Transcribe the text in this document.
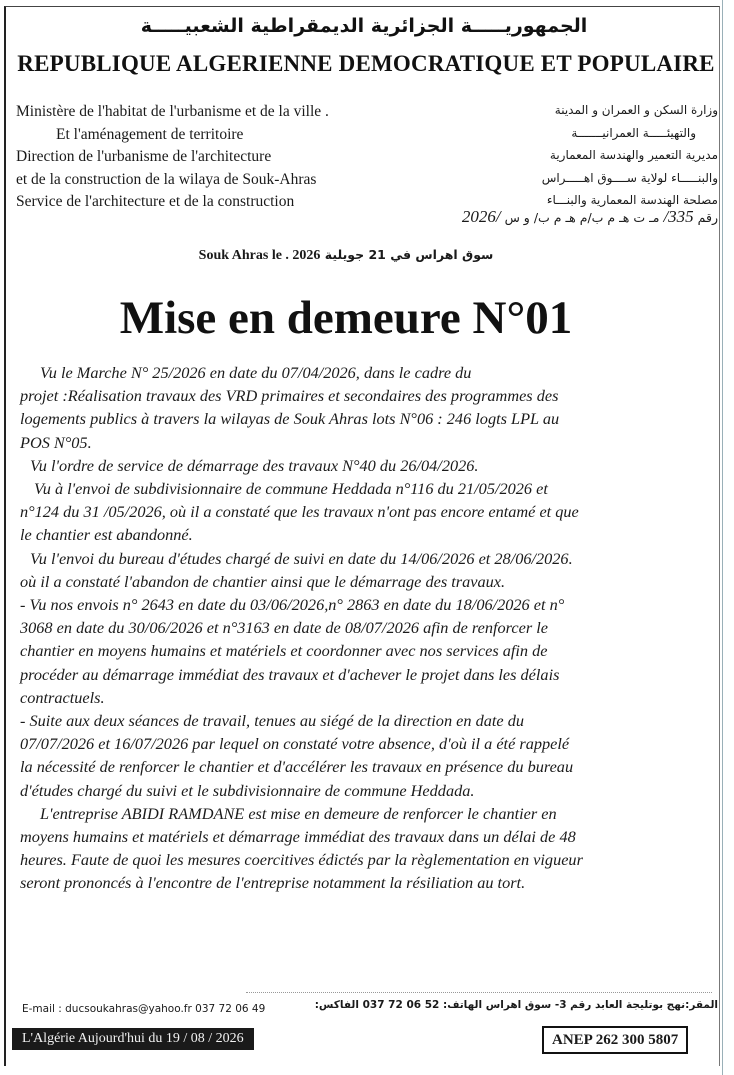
الجمهوريـــــة الجزائرية الديمقراطية الشعبيـــــة
REPUBLIQUE ALGERIENNE DEMOCRATIQUE ET POPULAIRE
Ministère de l'habitat de l'urbanisme et de la ville .
Et l'aménagement de territoire
Direction de l'urbanisme de l'architecture
et de la construction de la wilaya de Souk-Ahras
Service de l'architecture et de la construction
وزارة السكن و العمران و المدينة
والتهيئـــــة العمرانيـــــــة
مديرية التعمير والهندسة المعمارية
والبنـــــاء لولاية ســــوق اهـــــراس
مصلحة الهندسة المعمارية والبنـــاء
رقم 335/ مـ ت هـ م ب/م هـ م ب/ و س /2026
Souk Ahras le . 2026 سوق اهراس في 21 جويلية
Mise en demeure N°01
Vu le Marche N° 25/2026 en date du 07/04/2026, dans le cadre du
projet :Réalisation travaux des VRD primaires et secondaires des programmes des
logements publics à travers la wilayas de Souk Ahras lots N°06 : 246 logts LPL au
POS N°05.
Vu l'ordre de service de démarrage des travaux N°40 du 26/04/2026.
Vu à l'envoi de subdivisionnaire de commune Heddada n°116 du 21/05/2026 et
n°124 du 31 /05/2026, où il a constaté que les travaux n'ont pas encore entamé et que
le chantier est abandonné.
Vu l'envoi du bureau d'études chargé de suivi en date du 14/06/2026 et 28/06/2026.
où il a constaté l'abandon de chantier ainsi que le démarrage des travaux.
- Vu nos envois n° 2643 en date du 03/06/2026,n° 2863 en date du 18/06/2026 et n°
3068 en date du 30/06/2026 et n°3163 en date de 08/07/2026 afin de renforcer le
chantier en moyens humains et matériels et coordonner avec nos services afin de
procéder au démarrage immédiat des travaux et d'achever le projet dans les délais
contractuels.
- Suite aux deux séances de travail, tenues au siégé de la direction en date du
07/07/2026 et 16/07/2026 par lequel on constaté votre absence, d'où il a été rappelé
la nécessité de renforcer le chantier et d'accélérer les travaux en présence du bureau
d'études chargé du suivi et le subdivisionnaire de commune Heddada.
L'entreprise ABIDI RAMDANE est mise en demeure de renforcer le chantier en
moyens humains et matériels et démarrage immédiat des travaux dans un délai de 48
heures. Faute de quoi les mesures coercitives édictés par la règlementation en vigueur
seront prononcés à l'encontre de l'entreprise notamment la résiliation au tort.
E-mail : ducsoukahras@yahoo.fr 037 72 06 49	المقر:نهج بوتليجة العابد رقم 3- سوق اهراس الهاتف: 52 06 72 037 الفاكس:
L'Algérie Aujourd'hui du 19 / 08 / 2026	ANEP 262 300 5807
